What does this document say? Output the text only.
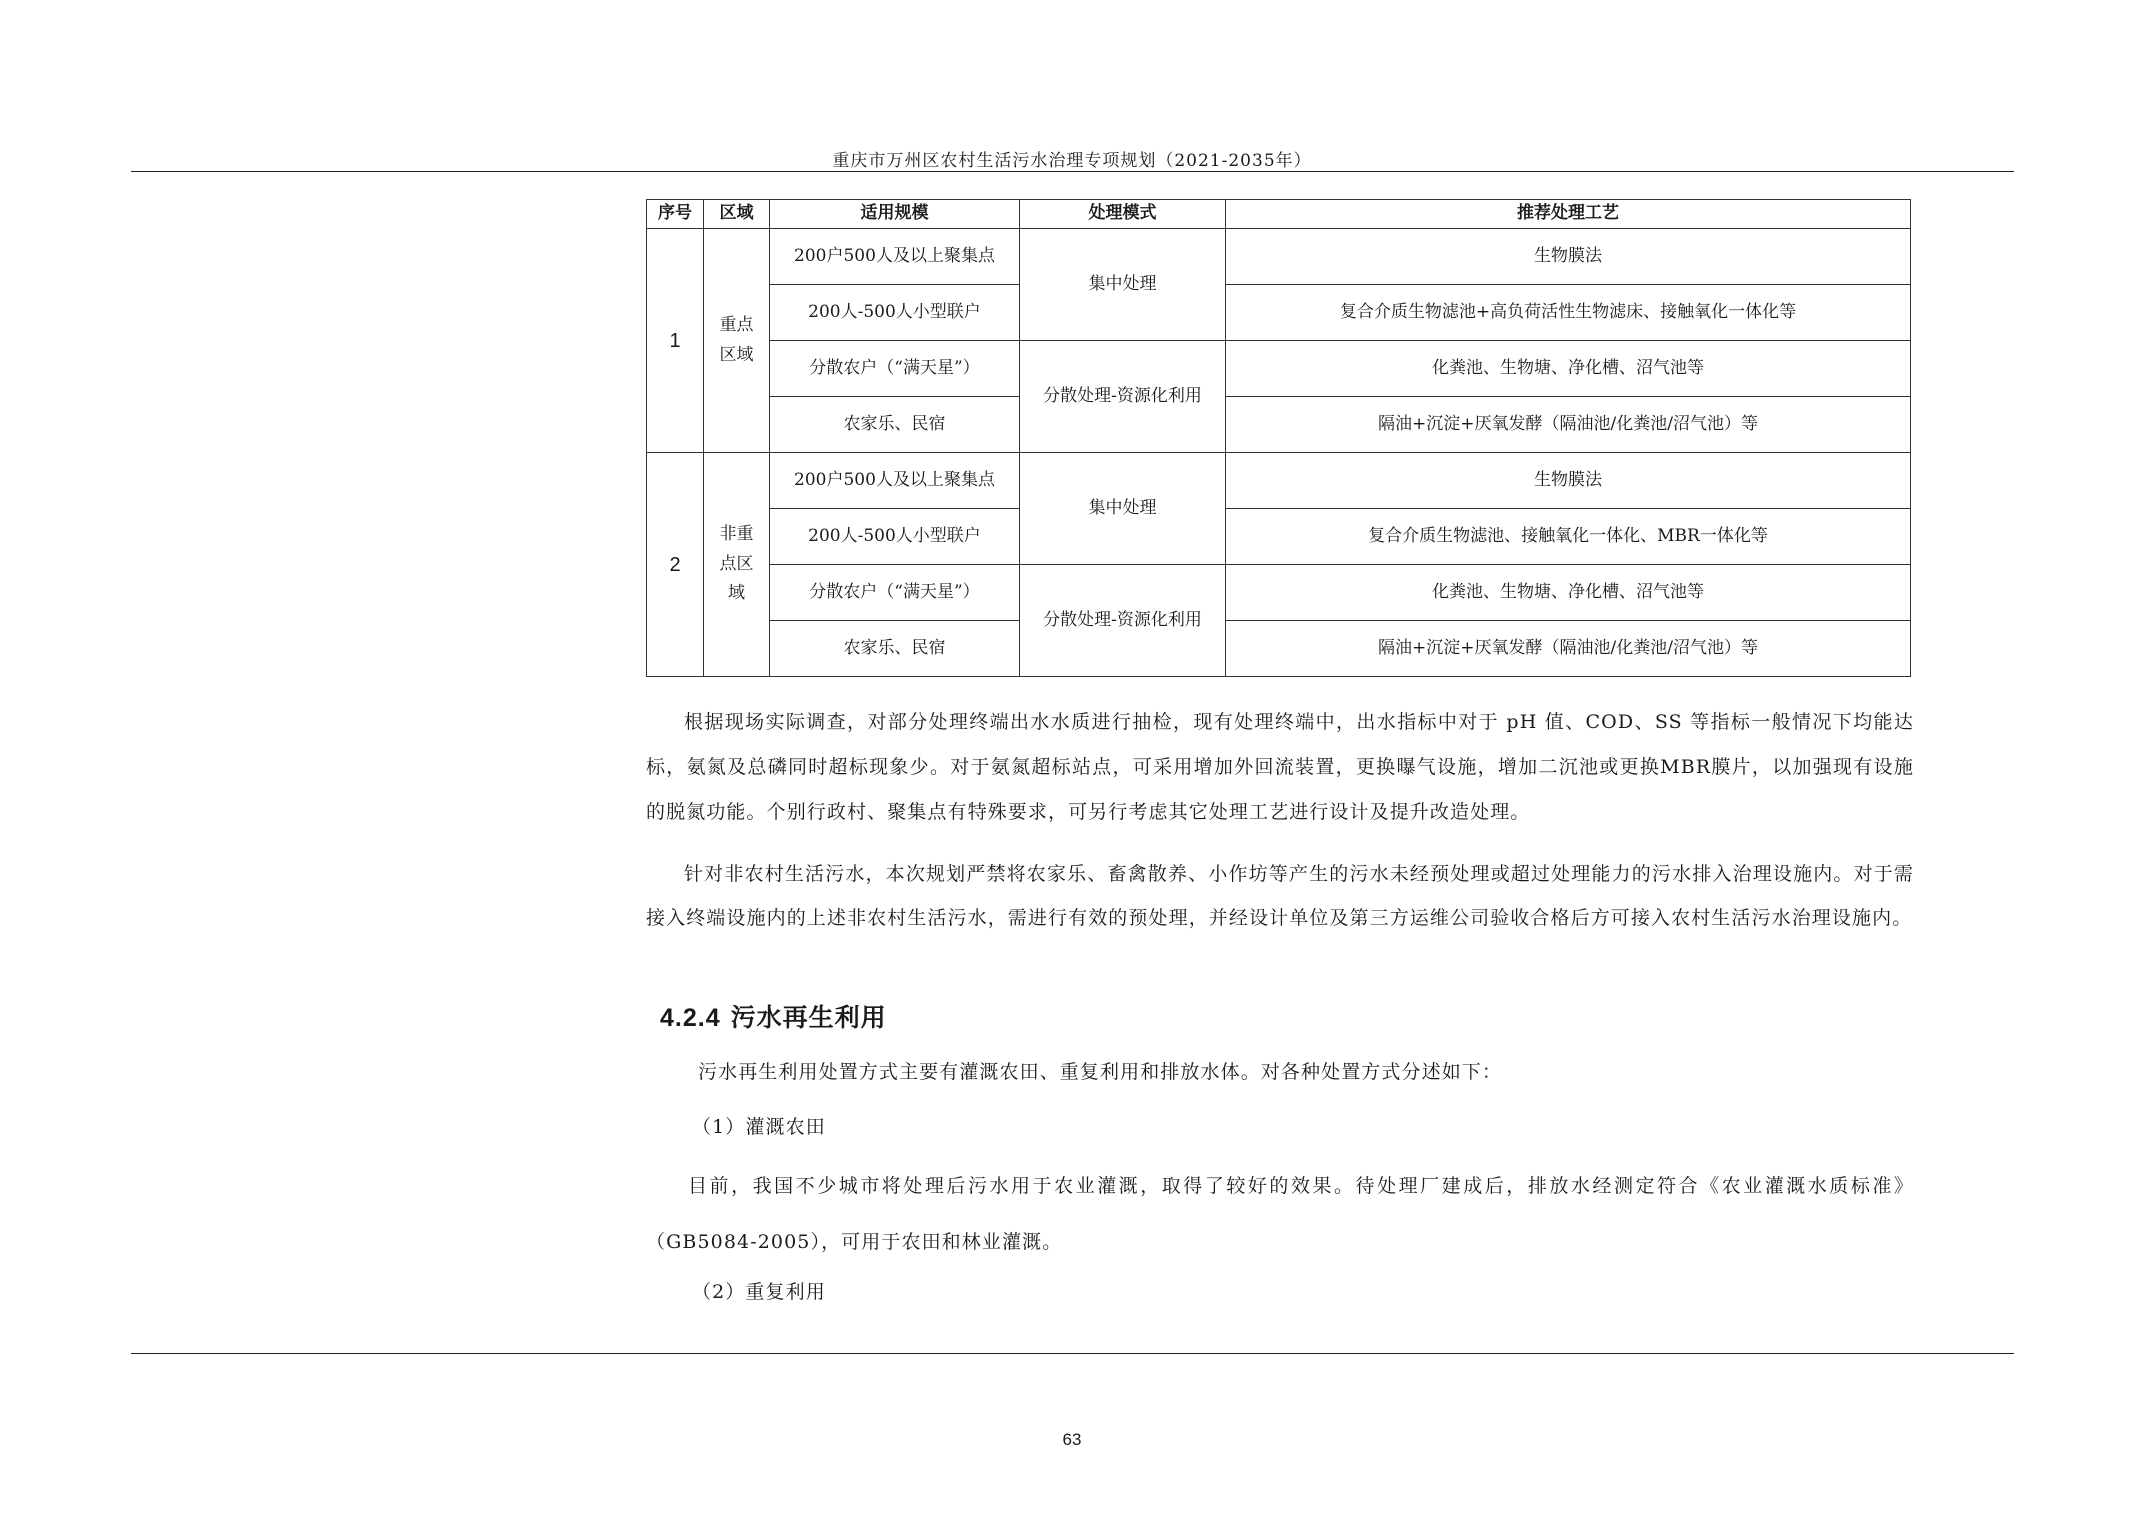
重庆市万州区农村生活污水治理专项规划（2021-2035年）
序号	区域	适用规模	处理模式	推荐处理工艺
1	重点区域	200户500人及以上聚集点	集中处理	生物膜法
		200人-500人小型联户		复合介质生物滤池+高负荷活性生物滤床、接触氧化一体化等
		分散农户（“满天星”）	分散处理-资源化利用	化粪池、生物塘、净化槽、沼气池等
		农家乐、民宿		隔油+沉淀+厌氧发酵（隔油池/化粪池/沼气池）等
2	非重点区域	200户500人及以上聚集点	集中处理	生物膜法
		200人-500人小型联户		复合介质生物滤池、接触氧化一体化、MBR一体化等
		分散农户（“满天星”）	分散处理-资源化利用	化粪池、生物塘、净化槽、沼气池等
		农家乐、民宿		隔油+沉淀+厌氧发酵（隔油池/化粪池/沼气池）等
根据现场实际调查，对部分处理终端出水水质进行抽检，现有处理终端中，出水指标中对于 pH 值、COD、SS 等指标一般情况下均能达标，氨氮及总磷同时超标现象少。对于氨氮超标站点，可采用增加外回流装置，更换曝气设施，增加二沉池或更换MBR膜片，以加强现有设施的脱氮功能。个别行政村、聚集点有特殊要求，可另行考虑其它处理工艺进行设计及提升改造处理。
针对非农村生活污水，本次规划严禁将农家乐、畜禽散养、小作坊等产生的污水未经预处理或超过处理能力的污水排入治理设施内。对于需接入终端设施内的上述非农村生活污水，需进行有效的预处理，并经设计单位及第三方运维公司验收合格后方可接入农村生活污水治理设施内。
4.2.4 污水再生利用
污水再生利用处置方式主要有灌溉农田、重复利用和排放水体。对各种处置方式分述如下：
（1）灌溉农田
目前，我国不少城市将处理后污水用于农业灌溉，取得了较好的效果。待处理厂建成后，排放水经测定符合《农业灌溉水质标准》（GB5084-2005），可用于农田和林业灌溉。
（2）重复利用
63
